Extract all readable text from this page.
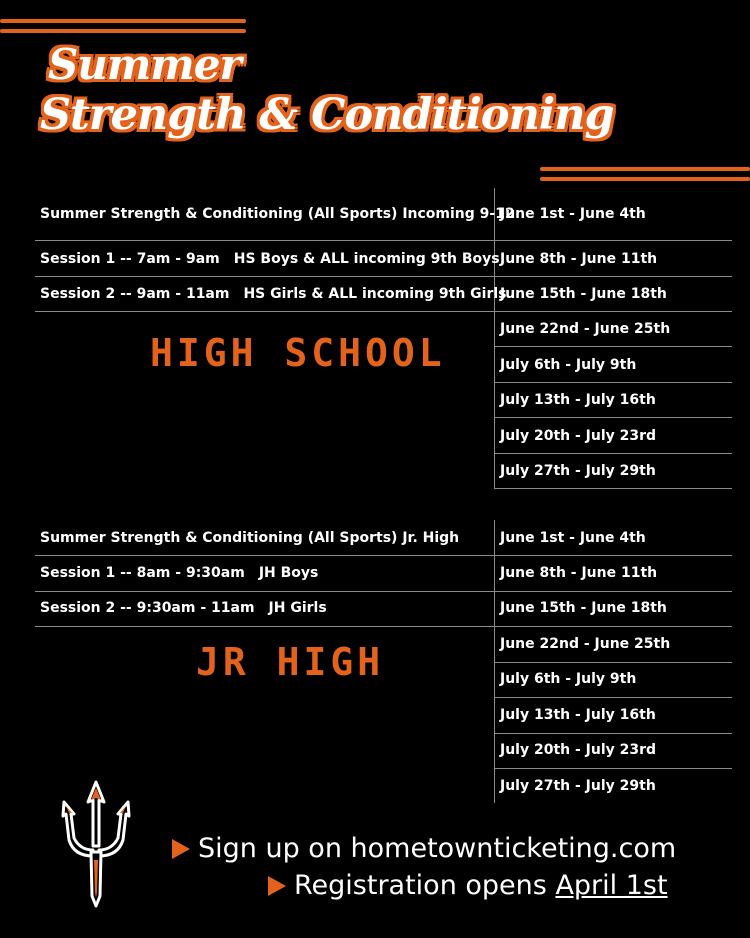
Summer
Strength & Conditioning
Summer Strength & Conditioning (All Sports) Incoming 9-12
Session 1 -- 7am - 9am HS Boys & ALL incoming 9th Boys
Session 2 -- 9am - 11am HS Girls & ALL incoming 9th Girls
HIGH SCHOOL
June 1st - June 4th
June 8th - June 11th
June 15th - June 18th
June 22nd - June 25th
July 6th - July 9th
July 13th - July 16th
July 20th - July 23rd
July 27th - July 29th
Summer Strength & Conditioning (All Sports) Jr. High
Session 1 -- 8am - 9:30am JH Boys
Session 2 -- 9:30am - 11am JH Girls
JR HIGH
June 1st - June 4th
June 8th - June 11th
June 15th - June 18th
June 22nd - June 25th
July 6th - July 9th
July 13th - July 16th
July 20th - July 23rd
July 27th - July 29th
Sign up on hometownticketing.com
Registration opens April 1st
